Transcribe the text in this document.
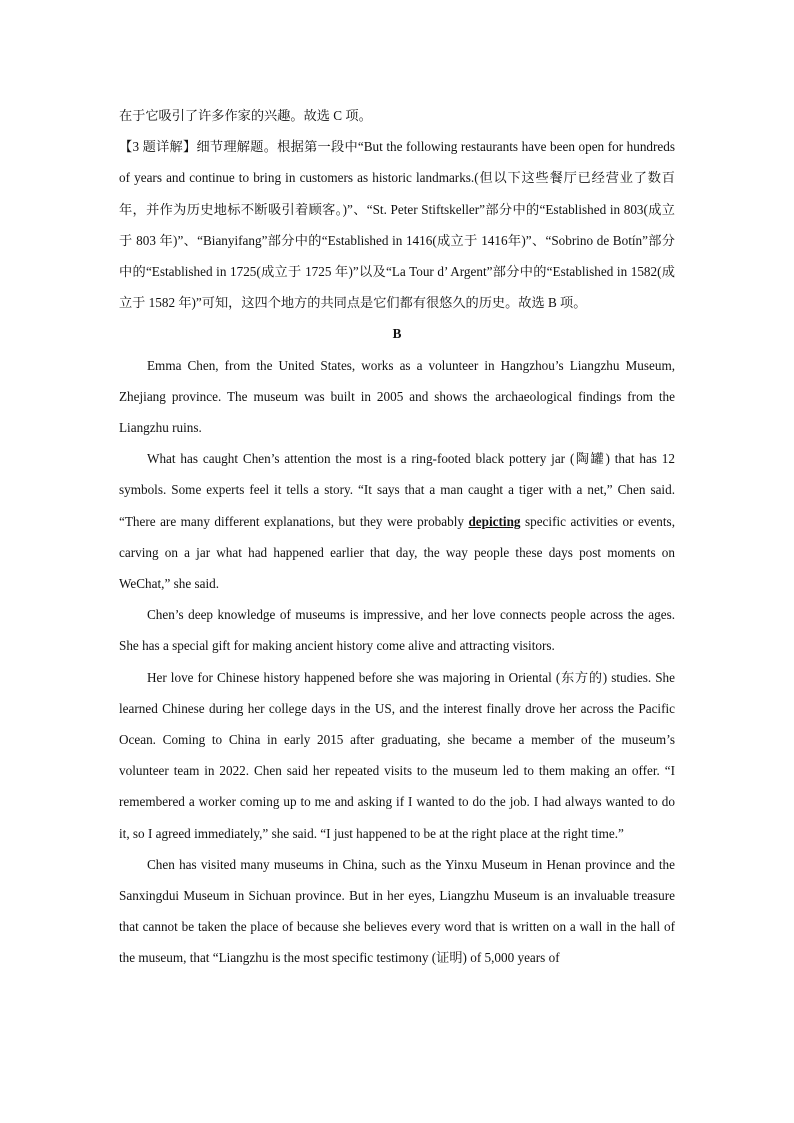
在于它吸引了许多作家的兴趣。故选 C 项。

【3 题详解】细节理解题。根据第一段中“But the following restaurants have been open for hundreds of years and continue to bring in customers as historic landmarks.(但以下这些餐厅已经营业了数百年，并作为历史地标不断吸引着顾客。)”、“St. Peter Stiftskeller”部分中的“Established in 803(成立于 803 年)”、“Bianyifang”部分中的“Established in 1416(成立于 1416年)”、“Sobrino de Botín”部分中的“Established in 1725(成立于 1725 年)”以及“La Tour d’ Argent”部分中的“Established in 1582(成立于 1582 年)”可知，这四个地方的共同点是它们都有很悠久的历史。故选 B 项。

B

Emma Chen, from the United States, works as a volunteer in Hangzhou’s Liangzhu Museum, Zhejiang province. The museum was built in 2005 and shows the archaeological findings from the Liangzhu ruins.

What has caught Chen’s attention the most is a ring-footed black pottery jar (陶罐) that has 12 symbols. Some experts feel it tells a story. “It says that a man caught a tiger with a net,” Chen said. “There are many different explanations, but they were probably depicting specific activities or events, carving on a jar what had happened earlier that day, the way people these days post moments on WeChat,” she said.

Chen’s deep knowledge of museums is impressive, and her love connects people across the ages. She has a special gift for making ancient history come alive and attracting visitors.

Her love for Chinese history happened before she was majoring in Oriental (东方的) studies. She learned Chinese during her college days in the US, and the interest finally drove her across the Pacific Ocean. Coming to China in early 2015 after graduating, she became a member of the museum’s volunteer team in 2022. Chen said her repeated visits to the museum led to them making an offer. “I remembered a worker coming up to me and asking if I wanted to do the job. I had always wanted to do it, so I agreed immediately,” she said. “I just happened to be at the right place at the right time.”

Chen has visited many museums in China, such as the Yinxu Museum in Henan province and the Sanxingdui Museum in Sichuan province. But in her eyes, Liangzhu Museum is an invaluable treasure that cannot be taken the place of because she believes every word that is written on a wall in the hall of the museum, that “Liangzhu is the most specific testimony (证明) of 5,000 years of
